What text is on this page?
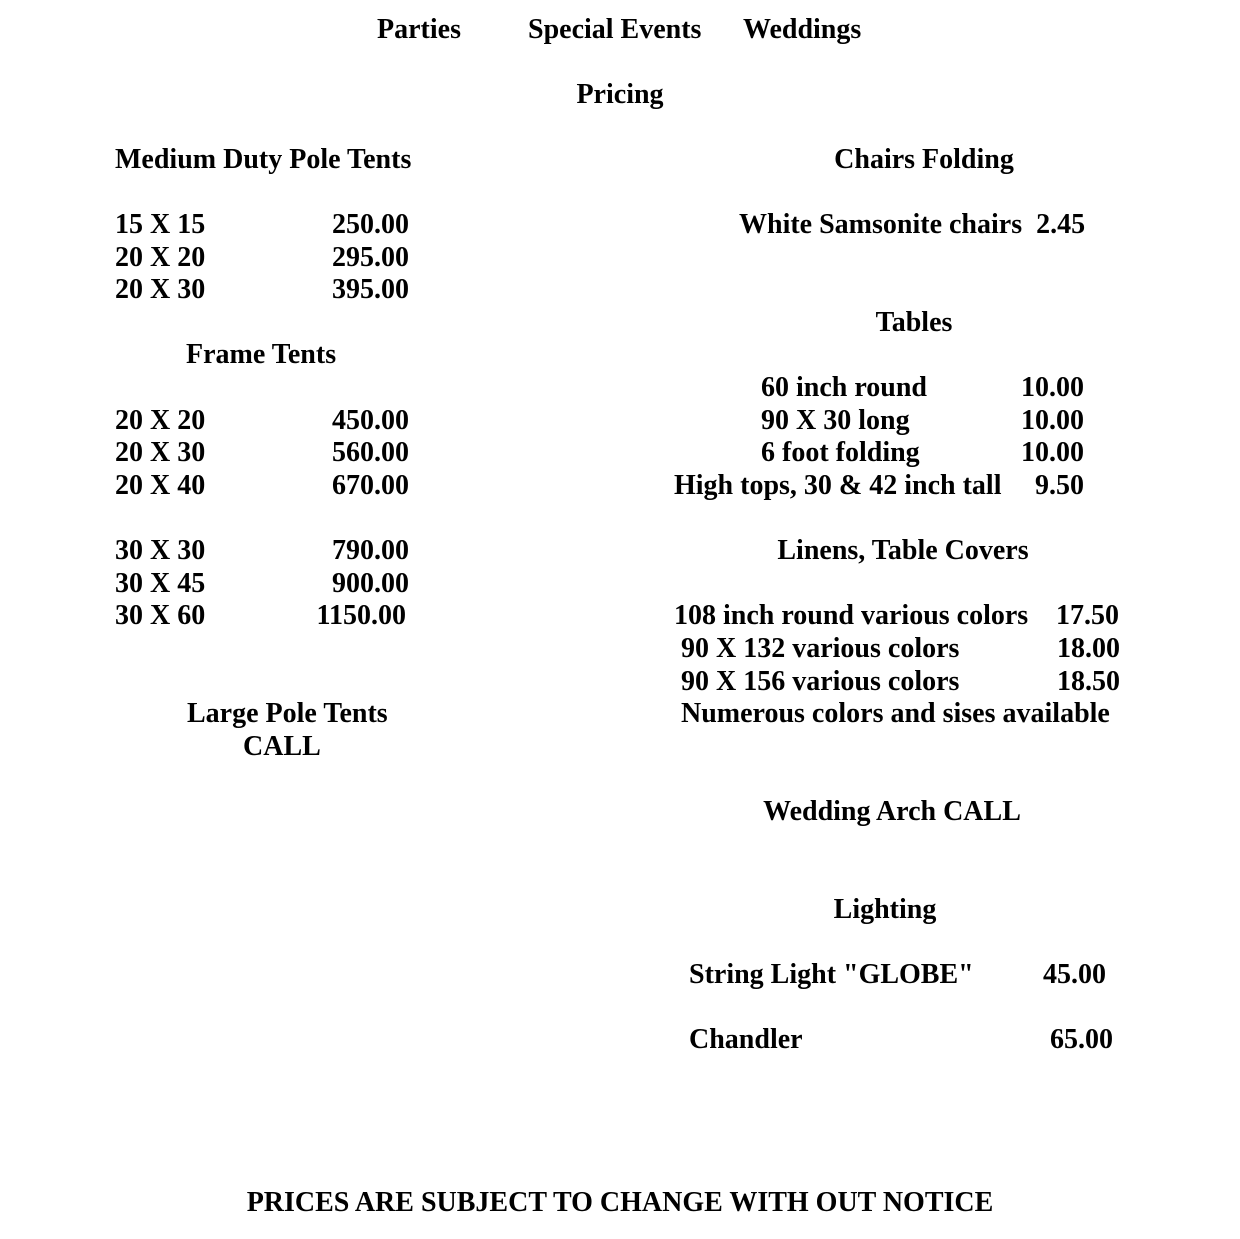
Parties Special Events Weddings
Pricing
Medium Duty Pole Tents
15 X 15	250.00
20 X 20	295.00
20 X 30	395.00
Frame Tents
20 X 20	450.00
20 X 30	560.00
20 X 40	670.00
30 X 30	790.00
30 X 45	900.00
30 X 60	1150.00
Large Pole Tents
CALL
Chairs Folding
White Samsonite chairs  2.45
Tables
60 inch round	10.00
90 X 30 long	10.00
6 foot folding	10.00
High tops, 30 & 42 inch tall	9.50
Linens, Table Covers
108 inch round various colors 17.50
90 X 132 various colors	18.00
90 X 156 various colors	18.50
Numerous colors and sises available
Wedding Arch CALL
Lighting
String Light "GLOBE"	45.00
Chandler	65.00
PRICES ARE SUBJECT TO CHANGE WITH OUT NOTICE
